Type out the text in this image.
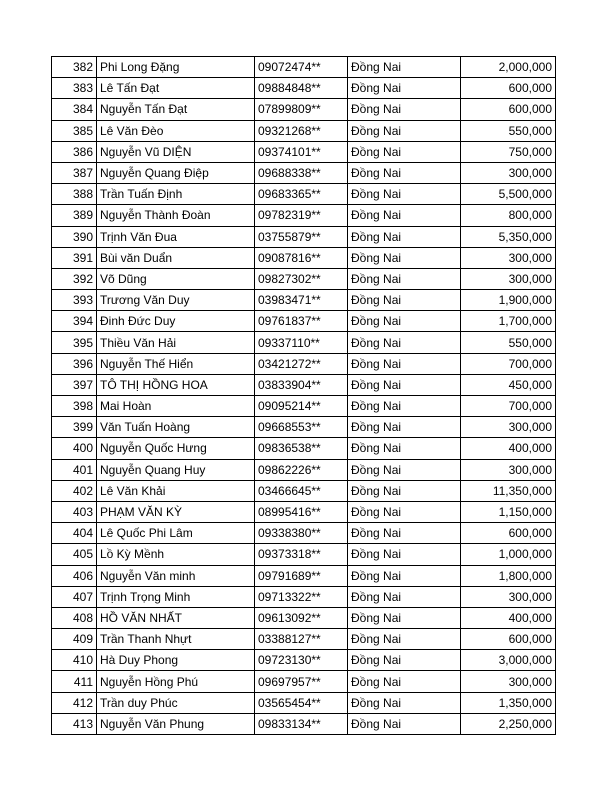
382	Phi Long Đặng	09072474**	Đồng Nai	2,000,000
383	Lê Tấn Đạt	09884848**	Đồng Nai	600,000
384	Nguyễn Tấn Đạt	07899809**	Đồng Nai	600,000
385	Lê Văn Đèo	09321268**	Đồng Nai	550,000
386	Nguyễn Vũ DIỆN	09374101**	Đồng Nai	750,000
387	Nguyễn Quang Điệp	09688338**	Đồng Nai	300,000
388	Trần Tuấn Định	09683365**	Đồng Nai	5,500,000
389	Nguyễn Thành Đoàn	09782319**	Đồng Nai	800,000
390	Trịnh Văn Đua	03755879**	Đồng Nai	5,350,000
391	Bùi văn Duẩn	09087816**	Đồng Nai	300,000
392	Võ Dũng	09827302**	Đồng Nai	300,000
393	Trương Văn Duy	03983471**	Đồng Nai	1,900,000
394	Đinh Đức Duy	09761837**	Đồng Nai	1,700,000
395	Thiều Văn Hải	09337110**	Đồng Nai	550,000
396	Nguyễn Thế Hiển	03421272**	Đồng Nai	700,000
397	TÔ THỊ HỒNG HOA	03833904**	Đồng Nai	450,000
398	Mai Hoàn	09095214**	Đồng Nai	700,000
399	Văn Tuấn Hoàng	09668553**	Đồng Nai	300,000
400	Nguyễn Quốc Hưng	09836538**	Đồng Nai	400,000
401	Nguyễn Quang Huy	09862226**	Đồng Nai	300,000
402	Lê Văn Khải	03466645**	Đồng Nai	11,350,000
403	PHẠM VĂN KỲ	08995416**	Đồng Nai	1,150,000
404	Lê Quốc Phi Lâm	09338380**	Đồng Nai	600,000
405	Lồ Kỳ Mềnh	09373318**	Đồng Nai	1,000,000
406	Nguyễn Văn minh	09791689**	Đồng Nai	1,800,000
407	Trịnh Trọng Minh	09713322**	Đồng Nai	300,000
408	HỒ VĂN NHẤT	09613092**	Đồng Nai	400,000
409	Trần Thanh Nhựt	03388127**	Đồng Nai	600,000
410	Hà Duy Phong	09723130**	Đồng Nai	3,000,000
411	Nguyễn Hồng Phú	09697957**	Đồng Nai	300,000
412	Trần duy Phúc	03565454**	Đồng Nai	1,350,000
413	Nguyễn Văn Phung	09833134**	Đồng Nai	2,250,000
